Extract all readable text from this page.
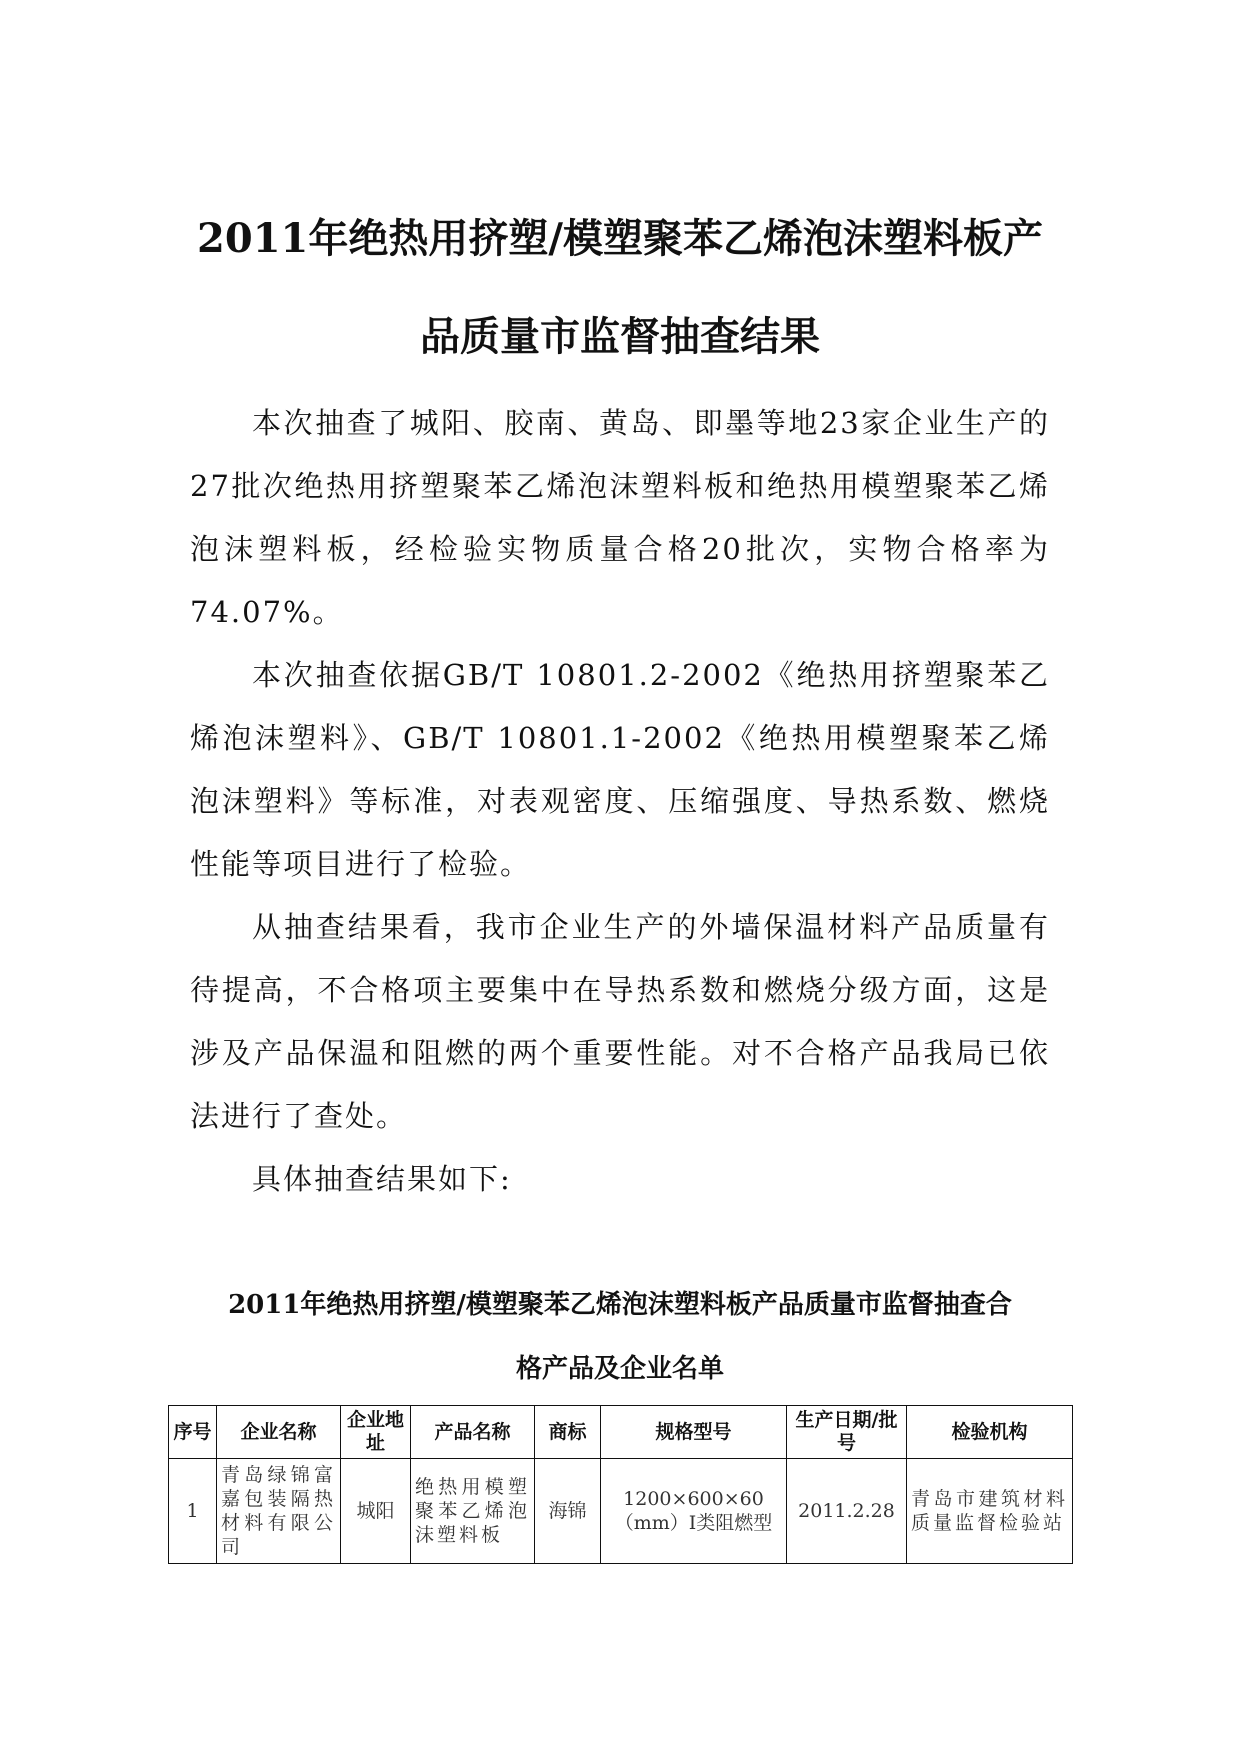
2011年绝热用挤塑/模塑聚苯乙烯泡沫塑料板产
品质量市监督抽查结果

本次抽查了城阳、胶南、黄岛、即墨等地23家企业生产的27批次绝热用挤塑聚苯乙烯泡沫塑料板和绝热用模塑聚苯乙烯泡沫塑料板，经检验实物质量合格20批次，实物合格率为74.07%。

本次抽查依据GB/T 10801.2-2002《绝热用挤塑聚苯乙烯泡沫塑料》、GB/T 10801.1-2002《绝热用模塑聚苯乙烯泡沫塑料》等标准，对表观密度、压缩强度、导热系数、燃烧性能等项目进行了检验。

从抽查结果看，我市企业生产的外墙保温材料产品质量有待提高，不合格项主要集中在导热系数和燃烧分级方面，这是涉及产品保温和阻燃的两个重要性能。对不合格产品我局已依法进行了查处。

具体抽查结果如下:

2011年绝热用挤塑/模塑聚苯乙烯泡沫塑料板产品质量市监督抽查合
格产品及企业名单
序号	企业名称	企业地址	产品名称	商标	规格型号	生产日期/批号	检验机构
1	青岛绿锦富嘉包装隔热材料有限公司	城阳	绝热用模塑聚苯乙烯泡沫塑料板	海锦	1200×600×60（mm）Ⅰ类阻燃型	2011.2.28	青岛市建筑材料质量监督检验站
